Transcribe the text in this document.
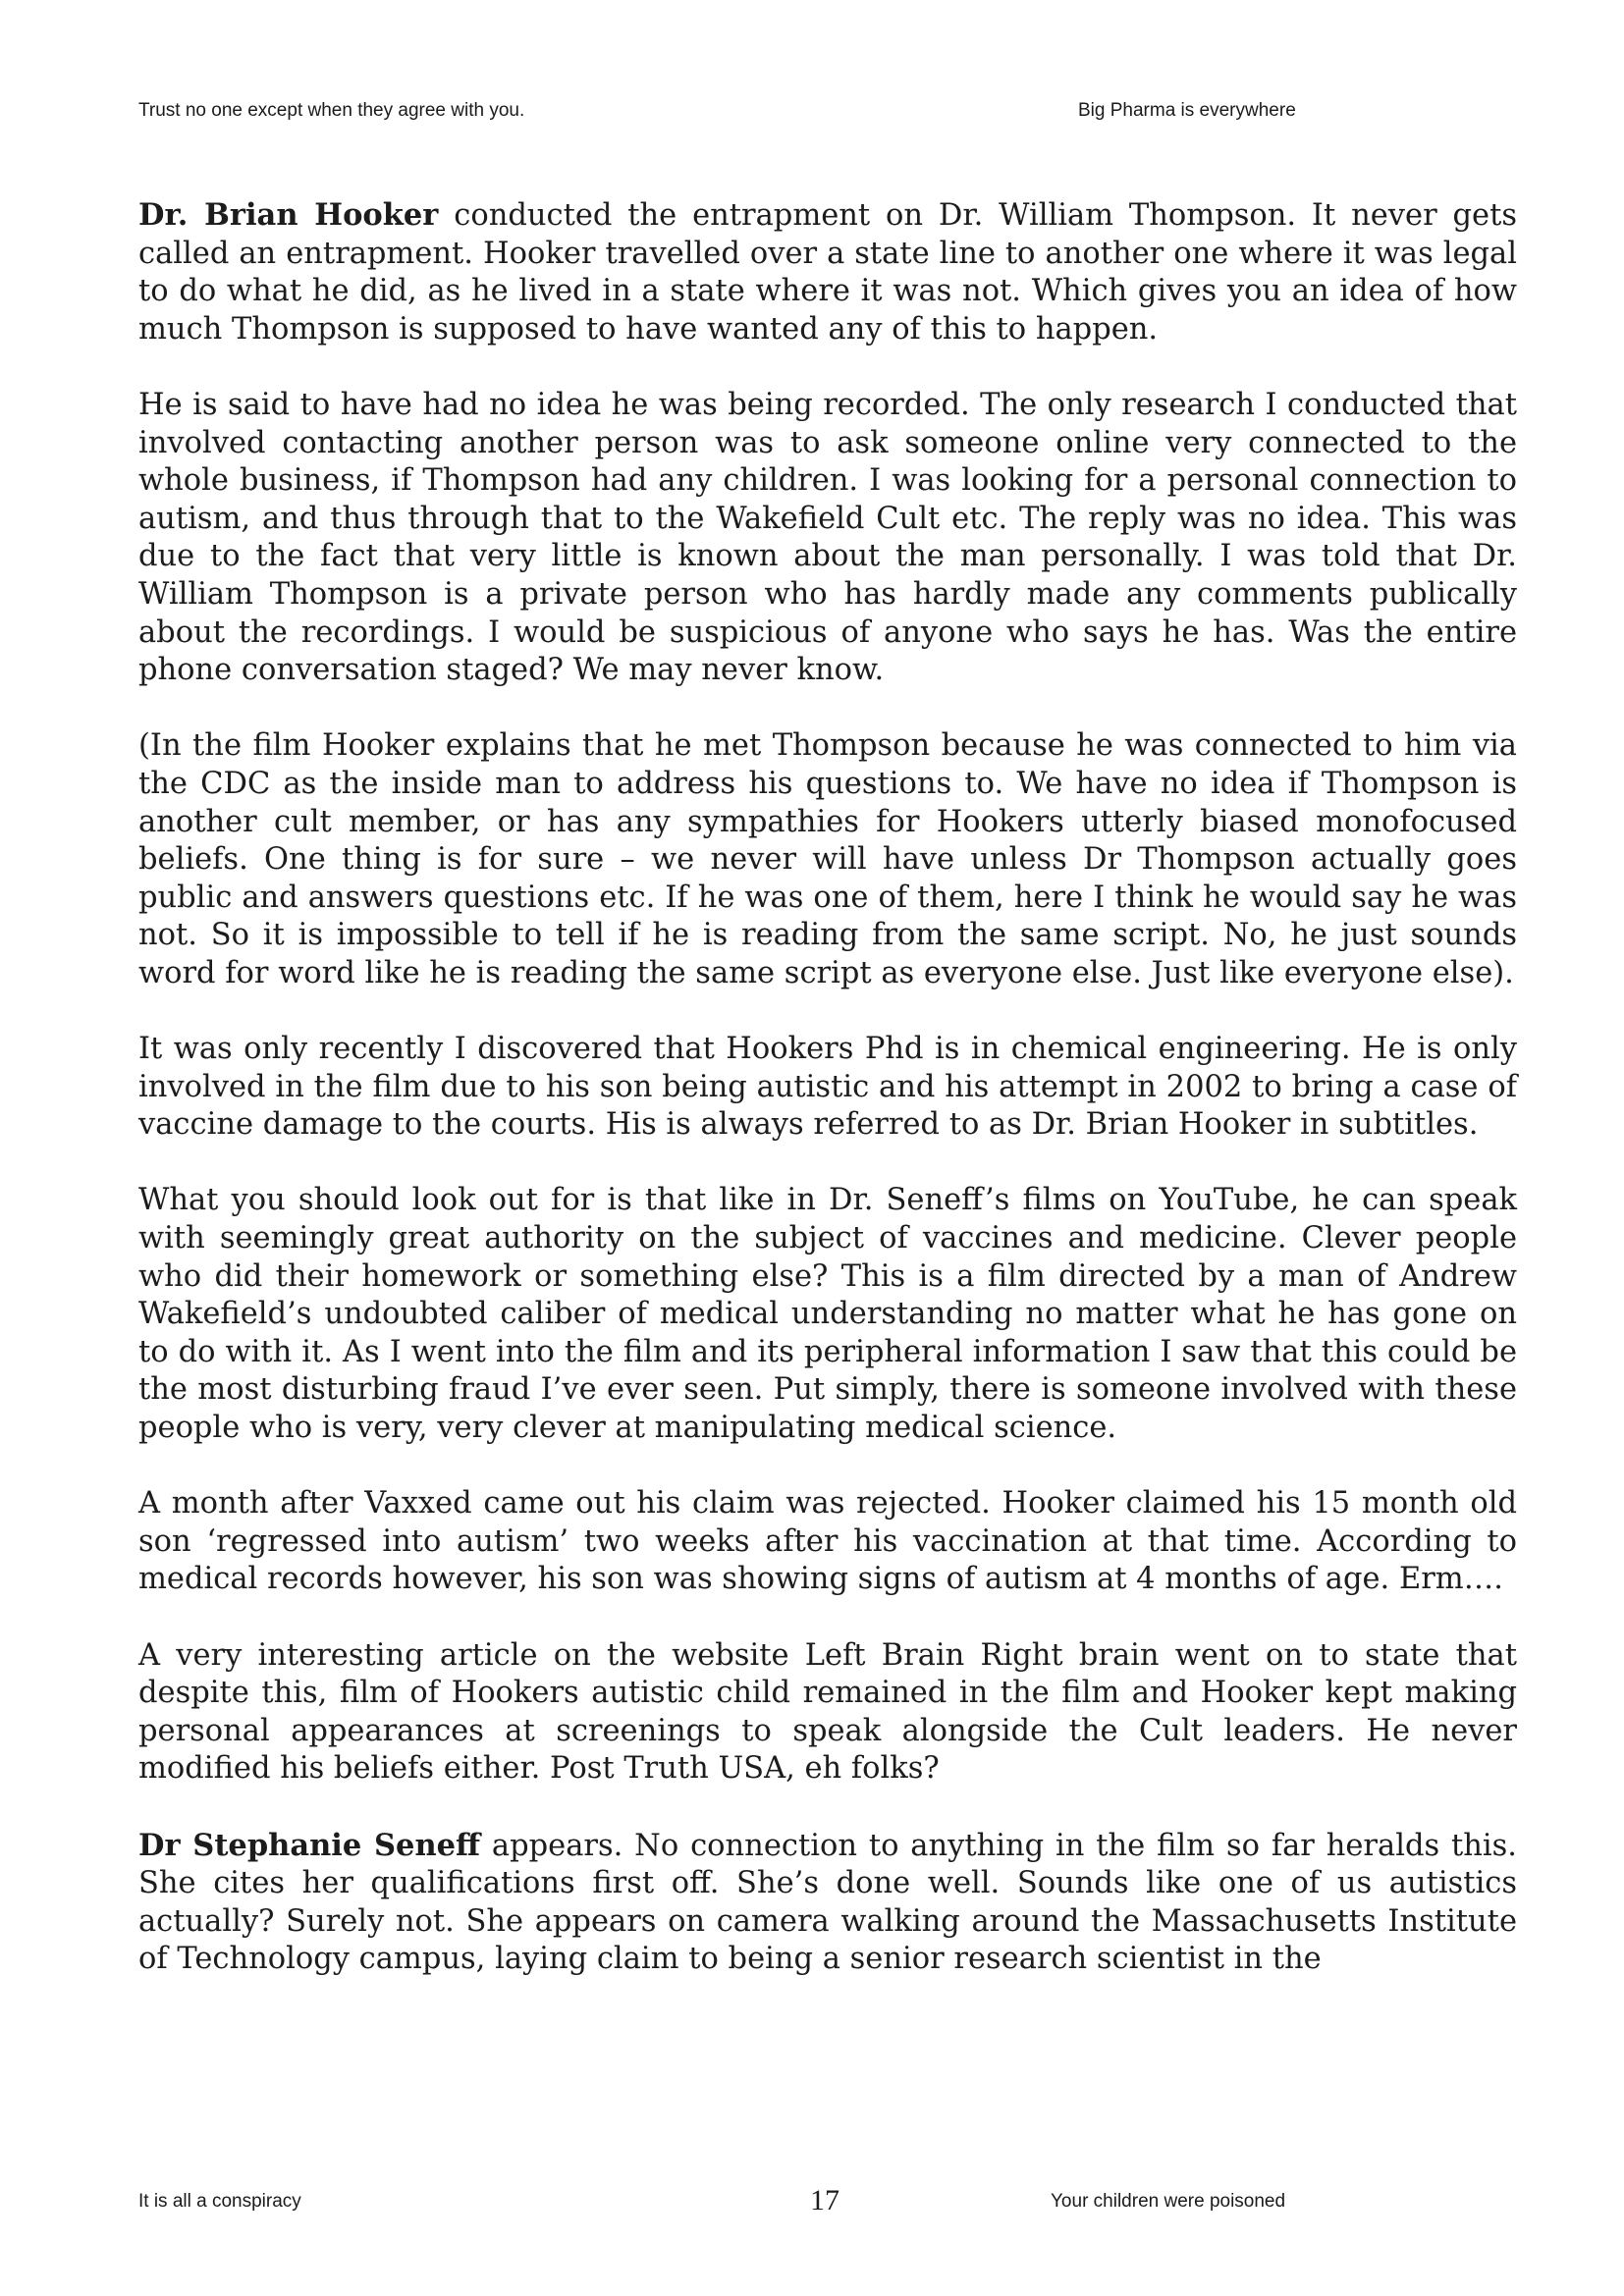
Trust no one except when they agree with you.	Big Pharma is everywhere

Dr. Brian Hooker conducted the entrapment on Dr. William Thompson. It never gets called an entrapment. Hooker travelled over a state line to another one where it was legal to do what he did, as he lived in a state where it was not. Which gives you an idea of how much Thompson is supposed to have wanted any of this to happen.

He is said to have had no idea he was being recorded. The only research I conducted that involved contacting another person was to ask someone online very connected to the whole business, if Thompson had any children. I was looking for a personal connection to autism, and thus through that to the Wakefield Cult etc. The reply was no idea. This was due to the fact that very little is known about the man personally. I was told that Dr. William Thompson is a private person who has hardly made any comments publically about the recordings. I would be suspicious of anyone who says he has. Was the entire phone conversation staged? We may never know.

(In the film Hooker explains that he met Thompson because he was connected to him via the CDC as the inside man to address his questions to. We have no idea if Thompson is another cult member, or has any sympathies for Hookers utterly biased monofocused beliefs. One thing is for sure – we never will have unless Dr Thompson actually goes public and answers questions etc. If he was one of them, here I think he would say he was not. So it is impossible to tell if he is reading from the same script. No, he just sounds word for word like he is reading the same script as everyone else. Just like everyone else).

It was only recently I discovered that Hookers Phd is in chemical engineering. He is only involved in the film due to his son being autistic and his attempt in 2002 to bring a case of vaccine damage to the courts. His is always referred to as Dr. Brian Hooker in subtitles.

What you should look out for is that like in Dr. Seneff’s films on YouTube, he can speak with seemingly great authority on the subject of vaccines and medicine. Clever people who did their homework or something else? This is a film directed by a man of Andrew Wakefield’s undoubted caliber of medical understanding no matter what he has gone on to do with it. As I went into the film and its peripheral information I saw that this could be the most disturbing fraud I’ve ever seen. Put simply, there is someone involved with these people who is very, very clever at manipulating medical science.

A month after Vaxxed came out his claim was rejected. Hooker claimed his 15 month old son ‘regressed into autism’ two weeks after his vaccination at that time. According to medical records however, his son was showing signs of autism at 4 months of age. Erm….

A very interesting article on the website Left Brain Right brain went on to state that despite this, film of Hookers autistic child remained in the film and Hooker kept making personal appearances at screenings to speak alongside the Cult leaders. He never modified his beliefs either. Post Truth USA, eh folks?

Dr Stephanie Seneff appears. No connection to anything in the film so far heralds this. She cites her qualifications first off. She’s done well. Sounds like one of us autistics actually? Surely not. She appears on camera walking around the Massachusetts Institute of Technology campus, laying claim to being a senior research scientist in the

It is all a conspiracy	17	Your children were poisoned
